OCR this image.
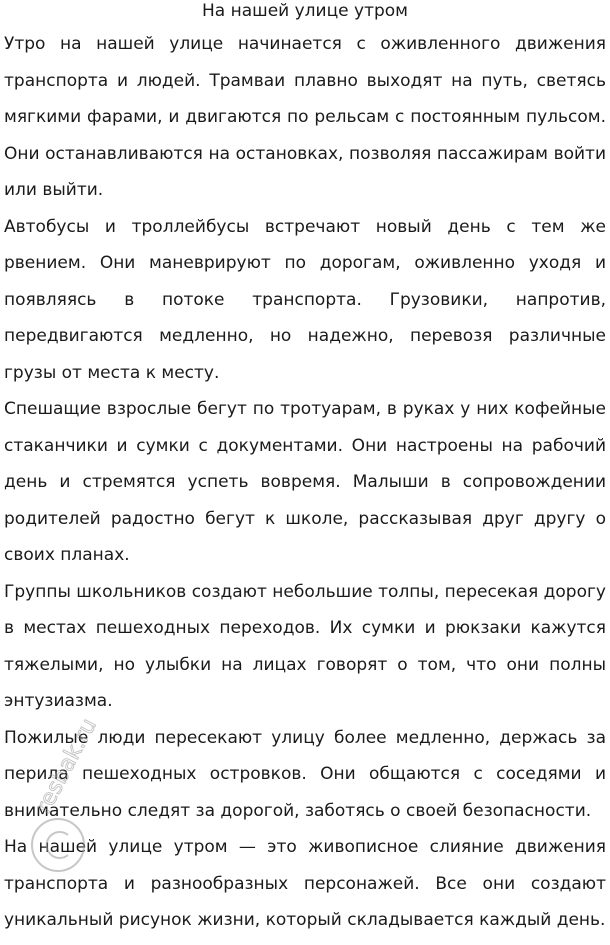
На нашей улице утром

Утро на нашей улице начинается с оживленного движения транспорта и людей. Трамваи плавно выходят на путь, светясь мягкими фарами, и двигаются по рельсам с постоянным пульсом. Они останавливаются на остановках, позволяя пассажирам войти или выйти.

Автобусы и троллейбусы встречают новый день с тем же рвением. Они маневрируют по дорогам, оживленно уходя и появляясь в потоке транспорта. Грузовики, напротив, передвигаются медленно, но надежно, перевозя различные грузы от места к месту.

Спешащие взрослые бегут по тротуарам, в руках у них кофейные стаканчики и сумки с документами. Они настроены на рабочий день и стремятся успеть вовремя. Малыши в сопровождении родителей радостно бегут к школе, рассказывая друг другу о своих планах.

Группы школьников создают небольшие толпы, пересекая дорогу в местах пешеходных переходов. Их сумки и рюкзаки кажутся тяжелыми, но улыбки на лицах говорят о том, что они полны энтузиазма.

Пожилые люди пересекают улицу более медленно, держась за перила пешеходных островков. Они общаются с соседями и внимательно следят за дорогой, заботясь о своей безопасности.

На нашей улице утром — это живописное слияние движения транспорта и разнообразных персонажей. Все они создают уникальный рисунок жизни, который складывается каждый день.

resbak.ru
